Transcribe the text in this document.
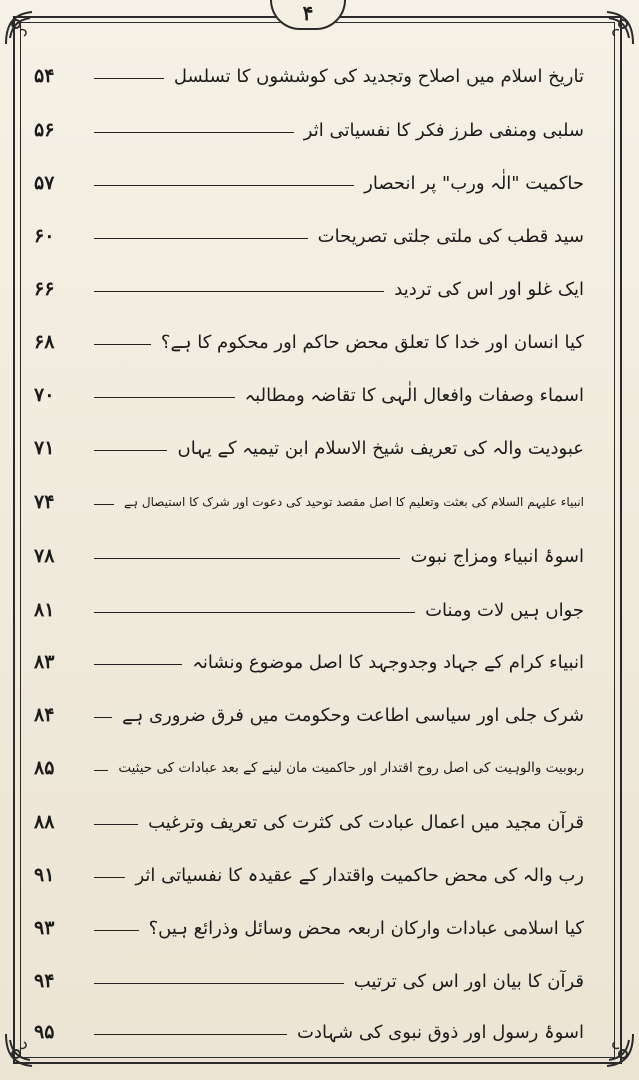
۴
۵۴	تاریخ اسلام میں اصلاح وتجدید کی کوششوں کا تسلسل
۵۶	سلبی ومنفی طرز فکر کا نفسیاتی اثر
۵۷	حاکمیت "الٰہ ورب" پر انحصار
۶۰	سید قطب کی ملتی جلتی تصریحات
۶۶	ایک غلو اور اس کی تردید
۶۸	کیا انسان اور خدا کا تعلق محض حاکم اور محکوم کا ہے؟
۷۰	اسماء وصفات وافعال الٰہی کا تقاضہ ومطالبہ
۷۱	عبودیت والہ کی تعریف شیخ الاسلام ابن تیمیہ کے یہاں
۷۴	انبیاء علیہم السلام کی بعثت وتعلیم کا اصل مقصد توحید کی دعوت اور شرک کا استیصال ہے
۷۸	اسوۂ انبیاء ومزاج نبوت
۸۱	جواں ہیں لات ومنات
۸۳	انبیاء کرام کے جہاد وجدوجہد کا اصل موضوع ونشانہ
۸۴	شرک جلی اور سیاسی اطاعت وحکومت میں فرق ضروری ہے
۸۵	ربوبیت والوہیت کی اصل روح اقتدار اور حاکمیت مان لینے کے بعد عبادات کی حیثیت
۸۸	قرآن مجید میں اعمال عبادت کی کثرت کی تعریف وترغیب
۹۱	رب والہ کی محض حاکمیت واقتدار کے عقیدہ کا نفسیاتی اثر
۹۳	کیا اسلامی عبادات وارکان اربعہ محض وسائل وذرائع ہیں؟
۹۴	قرآن کا بیان اور اس کی ترتیب
۹۵	اسوۂ رسول اور ذوق نبوی کی شہادت
